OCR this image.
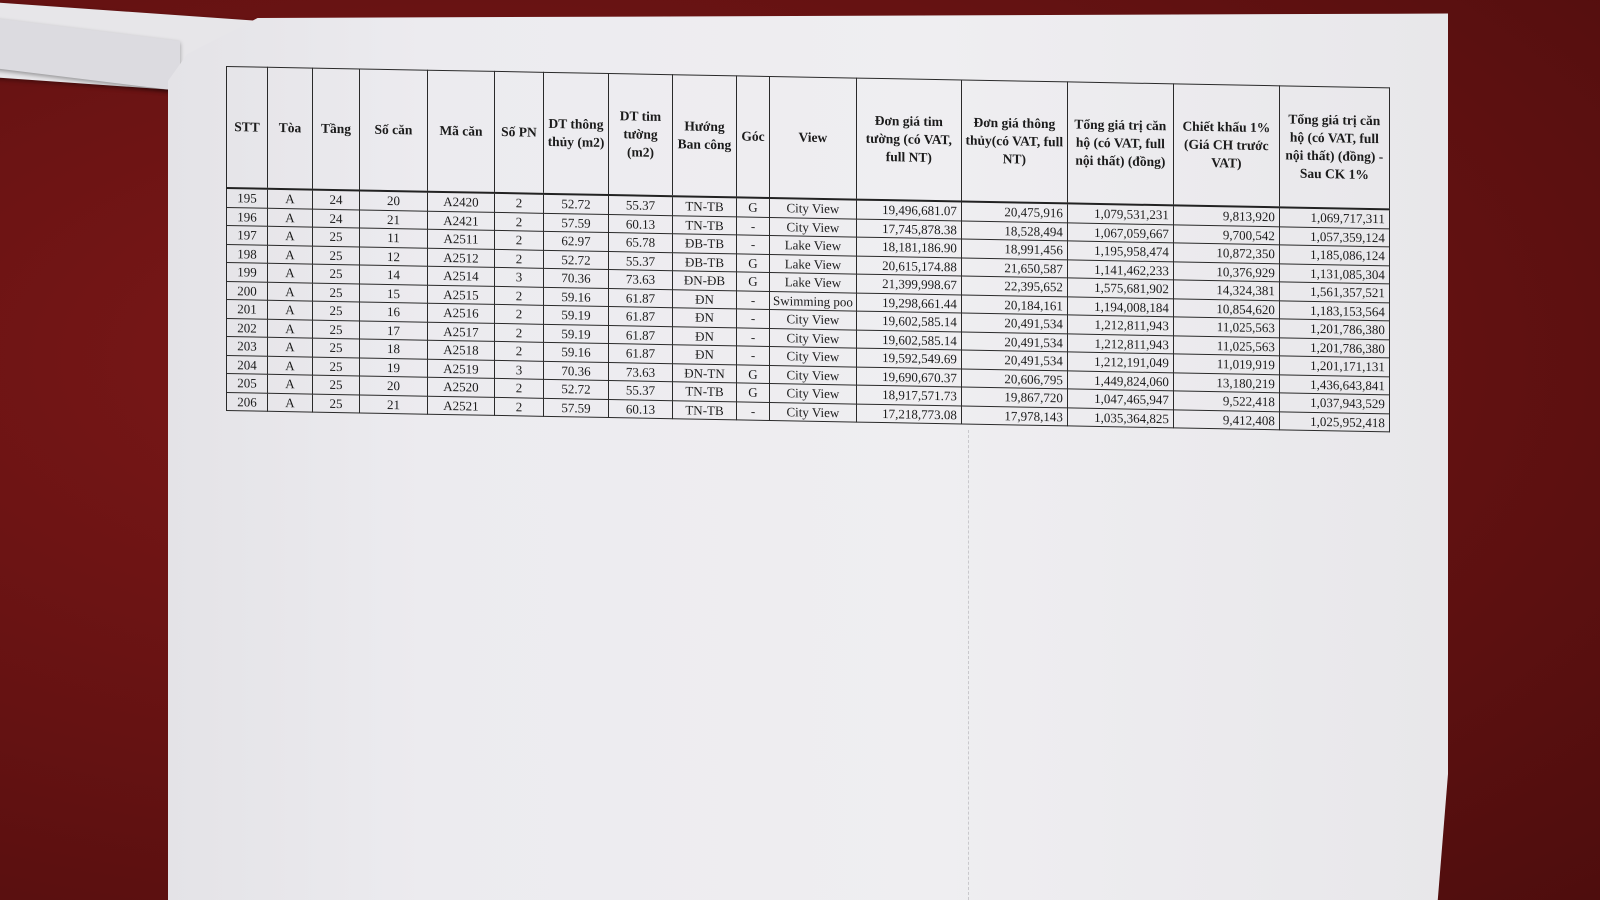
STT	Tòa	Tầng	Số căn	Mã căn	Số PN	DT thông thủy (m2)	DT tim tường (m2)	Hướng Ban công	Góc	View	Đơn giá tim tường (có VAT, full NT)	Đơn giá thông thủy(có VAT, full NT)	Tổng giá trị căn hộ (có VAT, full nội thất) (đồng)	Chiết khấu 1% (Giá CH trước VAT)	Tổng giá trị căn hộ (có VAT, full nội thất) (đồng) - Sau CK 1%
195	A	24	20	A2420	2	52.72	55.37	TN-TB	G	City View	19,496,681.07	20,475,916	1,079,531,231	9,813,920	1,069,717,311
196	A	24	21	A2421	2	57.59	60.13	TN-TB	-	City View	17,745,878.38	18,528,494	1,067,059,667	9,700,542	1,057,359,124
197	A	25	11	A2511	2	62.97	65.78	ĐB-TB	-	Lake View	18,181,186.90	18,991,456	1,195,958,474	10,872,350	1,185,086,124
198	A	25	12	A2512	2	52.72	55.37	ĐB-TB	G	Lake View	20,615,174.88	21,650,587	1,141,462,233	10,376,929	1,131,085,304
199	A	25	14	A2514	3	70.36	73.63	ĐN-ĐB	G	Lake View	21,399,998.67	22,395,652	1,575,681,902	14,324,381	1,561,357,521
200	A	25	15	A2515	2	59.16	61.87	ĐN	-	Swimming poo	19,298,661.44	20,184,161	1,194,008,184	10,854,620	1,183,153,564
201	A	25	16	A2516	2	59.19	61.87	ĐN	-	City View	19,602,585.14	20,491,534	1,212,811,943	11,025,563	1,201,786,380
202	A	25	17	A2517	2	59.19	61.87	ĐN	-	City View	19,602,585.14	20,491,534	1,212,811,943	11,025,563	1,201,786,380
203	A	25	18	A2518	2	59.16	61.87	ĐN	-	City View	19,592,549.69	20,491,534	1,212,191,049	11,019,919	1,201,171,131
204	A	25	19	A2519	3	70.36	73.63	ĐN-TN	G	City View	19,690,670.37	20,606,795	1,449,824,060	13,180,219	1,436,643,841
205	A	25	20	A2520	2	52.72	55.37	TN-TB	G	City View	18,917,571.73	19,867,720	1,047,465,947	9,522,418	1,037,943,529
206	A	25	21	A2521	2	57.59	60.13	TN-TB	-	City View	17,218,773.08	17,978,143	1,035,364,825	9,412,408	1,025,952,418
